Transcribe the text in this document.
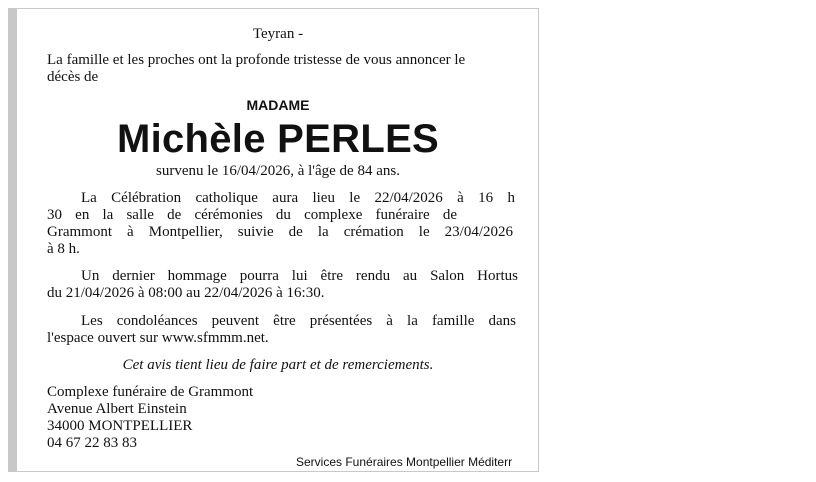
Teyran -

La famille et les proches ont la profonde tristesse de vous annoncer le

décès de

MADAME

Michèle PERLES

survenu le 16/04/2026, à l'âge de 84 ans.

La Célébration catholique aura lieu le 22/04/2026 à 16 h

30 en la salle de cérémonies du complexe funéraire de

Grammont à Montpellier, suivie de la crémation le 23/04/2026

à 8 h.

Un dernier hommage pourra lui être rendu au Salon Hortus

du 21/04/2026 à 08:00 au 22/04/2026 à 16:30.

Les condoléances peuvent être présentées à la famille dans

l'espace ouvert sur www.sfmmm.net.

Cet avis tient lieu de faire part et de remerciements.

Complexe funéraire de Grammont

Avenue Albert Einstein

34000 MONTPELLIER

04 67 22 83 83

Services Funéraires Montpellier Méditerr
